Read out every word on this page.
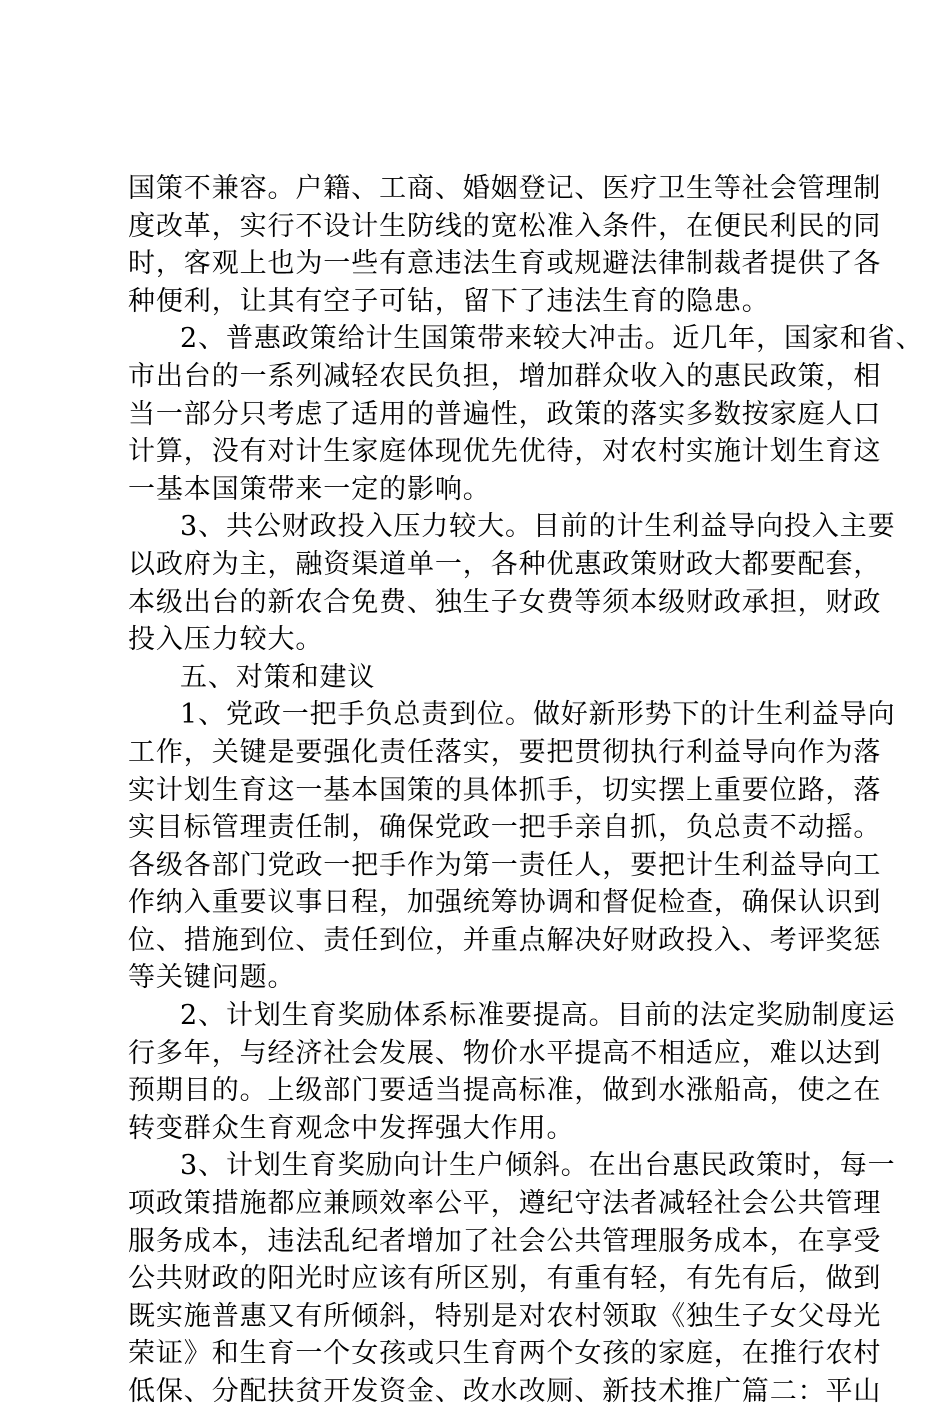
国策不兼容。户籍、工商、婚姻登记、医疗卫生等社会管理制
度改革，实行不设计生防线的宽松准入条件，在便民利民的同
时，客观上也为一些有意违法生育或规避法律制裁者提供了各
种便利，让其有空子可钻，留下了违法生育的隐患。
2、普惠政策给计生国策带来较大冲击。近几年，国家和省、
市出台的一系列减轻农民负担，增加群众收入的惠民政策，相
当一部分只考虑了适用的普遍性，政策的落实多数按家庭人口
计算，没有对计生家庭体现优先优待，对农村实施计划生育这
一基本国策带来一定的影响。
3、共公财政投入压力较大。目前的计生利益导向投入主要
以政府为主，融资渠道单一，各种优惠政策财政大都要配套，
本级出台的新农合免费、独生子女费等须本级财政承担，财政
投入压力较大。
五、对策和建议
1、党政一把手负总责到位。做好新形势下的计生利益导向
工作，关键是要强化责任落实，要把贯彻执行利益导向作为落
实计划生育这一基本国策的具体抓手，切实摆上重要位路，落
实目标管理责任制，确保党政一把手亲自抓，负总责不动摇。
各级各部门党政一把手作为第一责任人，要把计生利益导向工
作纳入重要议事日程，加强统筹协调和督促检查，确保认识到
位、措施到位、责任到位，并重点解决好财政投入、考评奖惩
等关键问题。
2、计划生育奖励体系标准要提高。目前的法定奖励制度运
行多年，与经济社会发展、物价水平提高不相适应，难以达到
预期目的。上级部门要适当提高标准，做到水涨船高，使之在
转变群众生育观念中发挥强大作用。
3、计划生育奖励向计生户倾斜。在出台惠民政策时，每一
项政策措施都应兼顾效率公平，遵纪守法者减轻社会公共管理
服务成本，违法乱纪者增加了社会公共管理服务成本，在享受
公共财政的阳光时应该有所区别，有重有轻，有先有后，做到
既实施普惠又有所倾斜，特别是对农村领取《独生子女父母光
荣证》和生育一个女孩或只生育两个女孩的家庭，在推行农村
低保、分配扶贫开发资金、改水改厕、新技术推广篇二：平山
